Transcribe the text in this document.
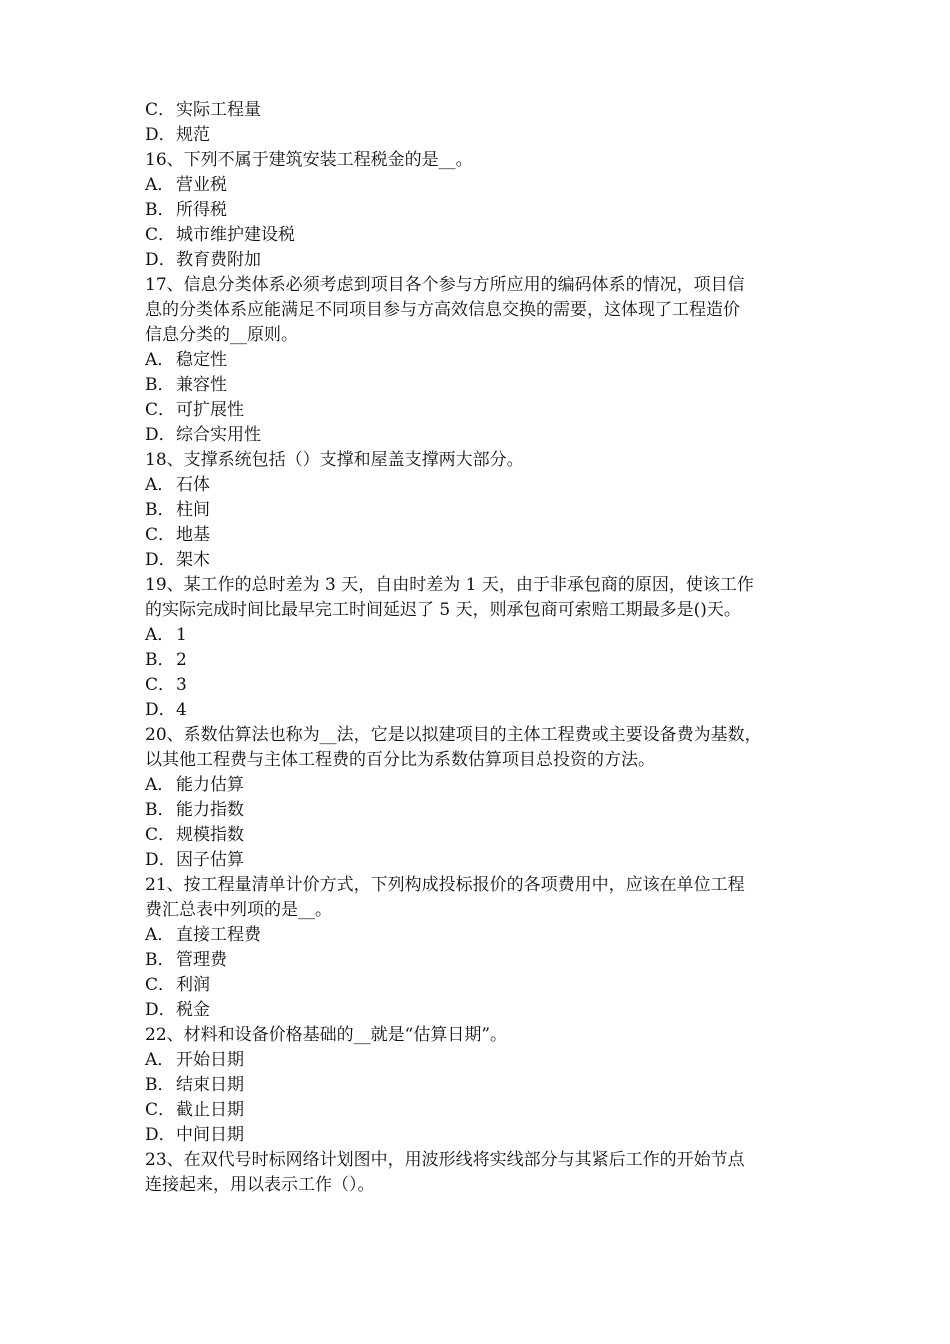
C．实际工程量
D．规范
16、下列不属于建筑安装工程税金的是__。
A． 营业税
B．所得税
C．城市维护建设税
D．教育费附加
17、信息分类体系必须考虑到项目各个参与方所应用的编码体系的情况，项目信
息的分类体系应能满足不同项目参与方高效信息交换的需要，这体现了工程造价
信息分类的__原则。
A． 稳定性
B．兼容性
C．可扩展性
D．综合实用性
18、支撑系统包括（）支撑和屋盖支撑两大部分。
A． 石体
B．柱间
C．地基
D．架木
19、某工作的总时差为 3 天，自由时差为 1 天，由于非承包商的原因，使该工作
的实际完成时间比最早完工时间延迟了 5 天，则承包商可索赔工期最多是()天。
A． 1
B．2
C．3
D．4
20、系数估算法也称为__法，它是以拟建项目的主体工程费或主要设备费为基数，
以其他工程费与主体工程费的百分比为系数估算项目总投资的方法。
A． 能力估算
B．能力指数
C．规模指数
D．因子估算
21、按工程量清单计价方式，下列构成投标报价的各项费用中，应该在单位工程
费汇总表中列项的是__。
A． 直接工程费
B．管理费
C．利润
D．税金
22、材料和设备价格基础的__就是“估算日期”。
A． 开始日期
B．结束日期
C．截止日期
D．中间日期
23、在双代号时标网络计划图中，用波形线将实线部分与其紧后工作的开始节点
连接起来，用以表示工作（）。
